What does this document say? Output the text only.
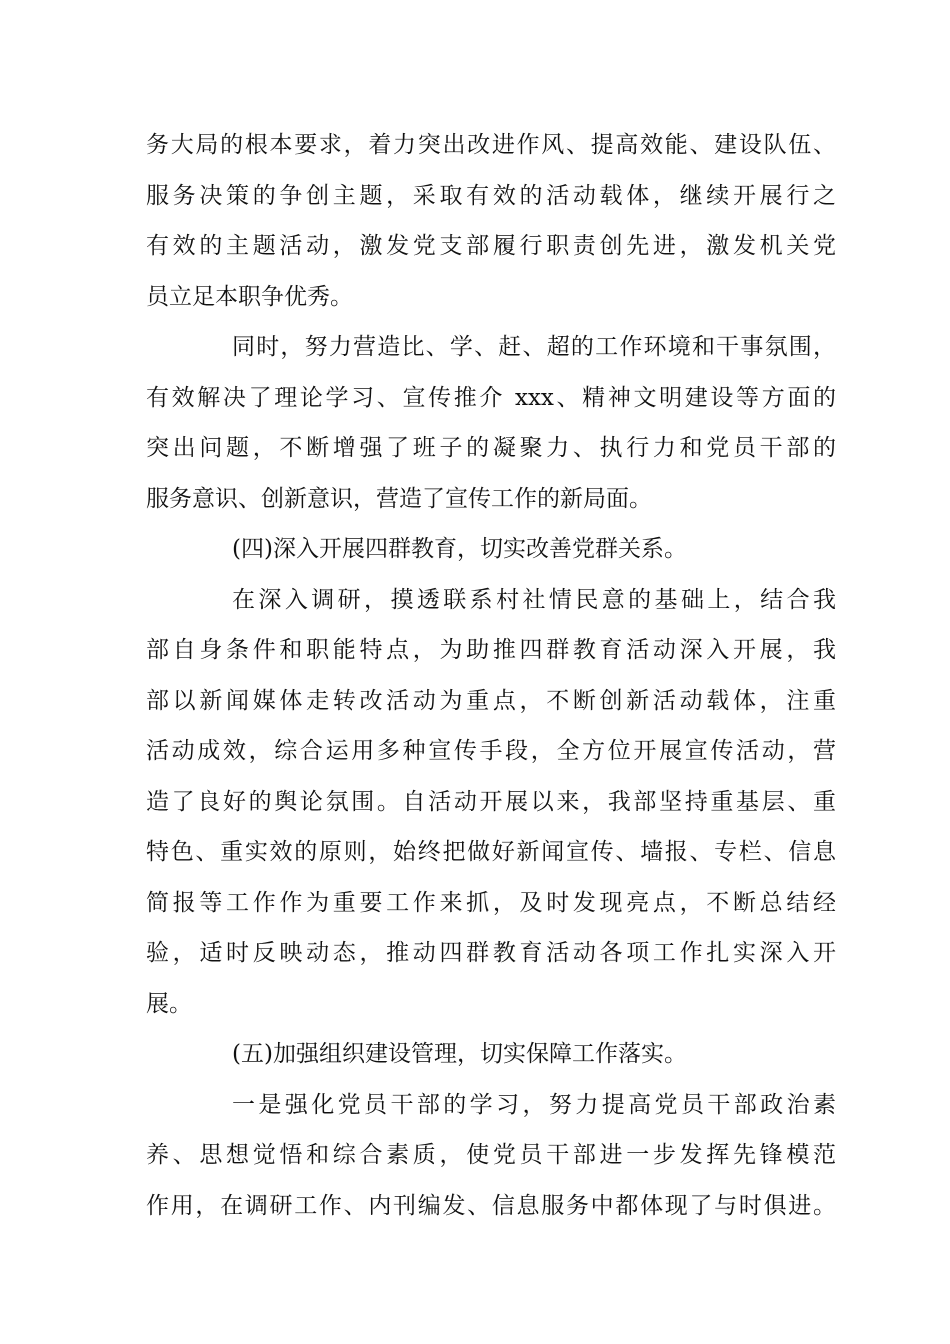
务大局的根本要求，着力突出改进作风、提高效能、建设队伍、
服务决策的争创主题，采取有效的活动载体，继续开展行之
有效的主题活动，激发党支部履行职责创先进，激发机关党
员立足本职争优秀。
同时，努力营造比、学、赶、超的工作环境和干事氛围，
有效解决了理论学习、宣传推介 xxx、精神文明建设等方面的
突出问题，不断增强了班子的凝聚力、执行力和党员干部的
服务意识、创新意识，营造了宣传工作的新局面。
(四)深入开展四群教育，切实改善党群关系。
在深入调研，摸透联系村社情民意的基础上，结合我
部自身条件和职能特点，为助推四群教育活动深入开展，我
部以新闻媒体走转改活动为重点，不断创新活动载体，注重
活动成效，综合运用多种宣传手段，全方位开展宣传活动，营
造了良好的舆论氛围。自活动开展以来，我部坚持重基层、重
特色、重实效的原则，始终把做好新闻宣传、墙报、专栏、信息
简报等工作作为重要工作来抓，及时发现亮点，不断总结经
验，适时反映动态，推动四群教育活动各项工作扎实深入开
展。
(五)加强组织建设管理，切实保障工作落实。
一是强化党员干部的学习，努力提高党员干部政治素
养、思想觉悟和综合素质，使党员干部进一步发挥先锋模范
作用，在调研工作、内刊编发、信息服务中都体现了与时俱进。
